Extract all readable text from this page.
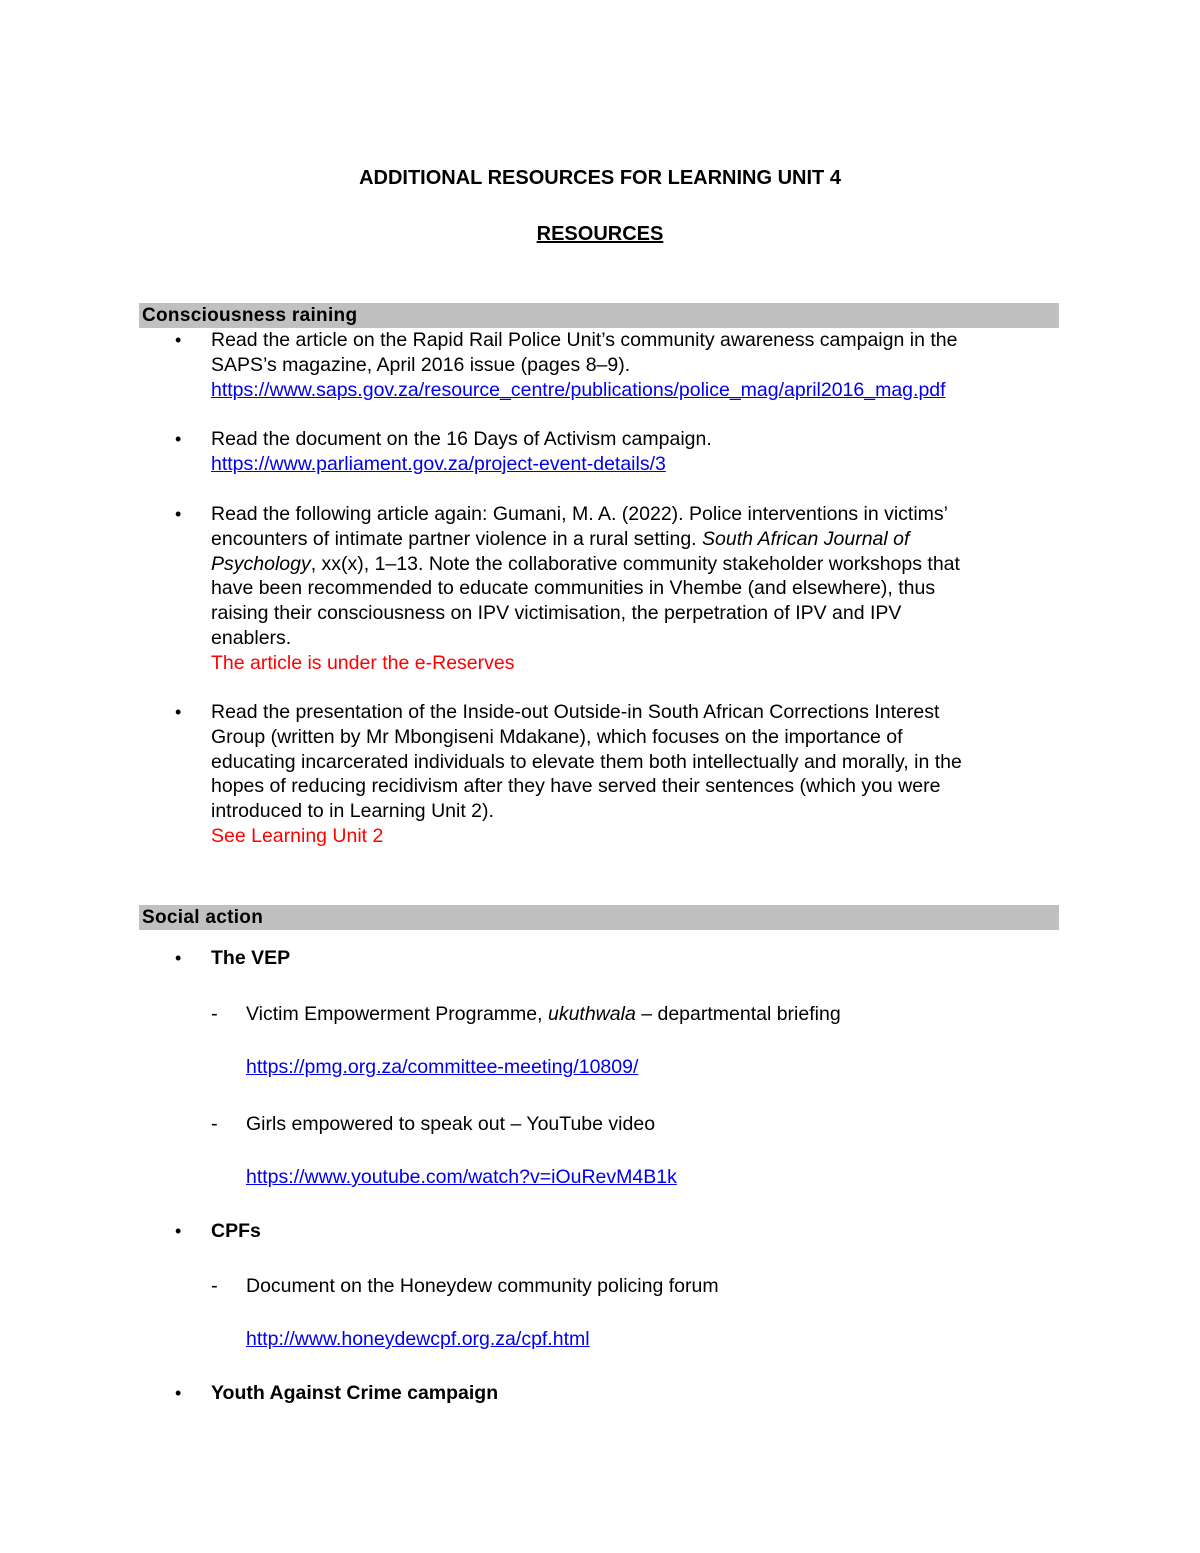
ADDITIONAL RESOURCES FOR LEARNING UNIT 4
RESOURCES
Consciousness raining
• Read the article on the Rapid Rail Police Unit’s community awareness campaign in the
SAPS’s magazine, April 2016 issue (pages 8–9).
https://www.saps.gov.za/resource_centre/publications/police_mag/april2016_mag.pdf
• Read the document on the 16 Days of Activism campaign.
https://www.parliament.gov.za/project-event-details/3
• Read the following article again: Gumani, M. A. (2022). Police interventions in victims’
encounters of intimate partner violence in a rural setting. South African Journal of
Psychology, xx(x), 1–13. Note the collaborative community stakeholder workshops that
have been recommended to educate communities in Vhembe (and elsewhere), thus
raising their consciousness on IPV victimisation, the perpetration of IPV and IPV
enablers.
The article is under the e-Reserves
• Read the presentation of the Inside-out Outside-in South African Corrections Interest
Group (written by Mr Mbongiseni Mdakane), which focuses on the importance of
educating incarcerated individuals to elevate them both intellectually and morally, in the
hopes of reducing recidivism after they have served their sentences (which you were
introduced to in Learning Unit 2).
See Learning Unit 2
Social action
• The VEP
- Victim Empowerment Programme, ukuthwala – departmental briefing
https://pmg.org.za/committee-meeting/10809/
- Girls empowered to speak out – YouTube video
https://www.youtube.com/watch?v=iOuRevM4B1k
• CPFs
- Document on the Honeydew community policing forum
http://www.honeydewcpf.org.za/cpf.html
• Youth Against Crime campaign
